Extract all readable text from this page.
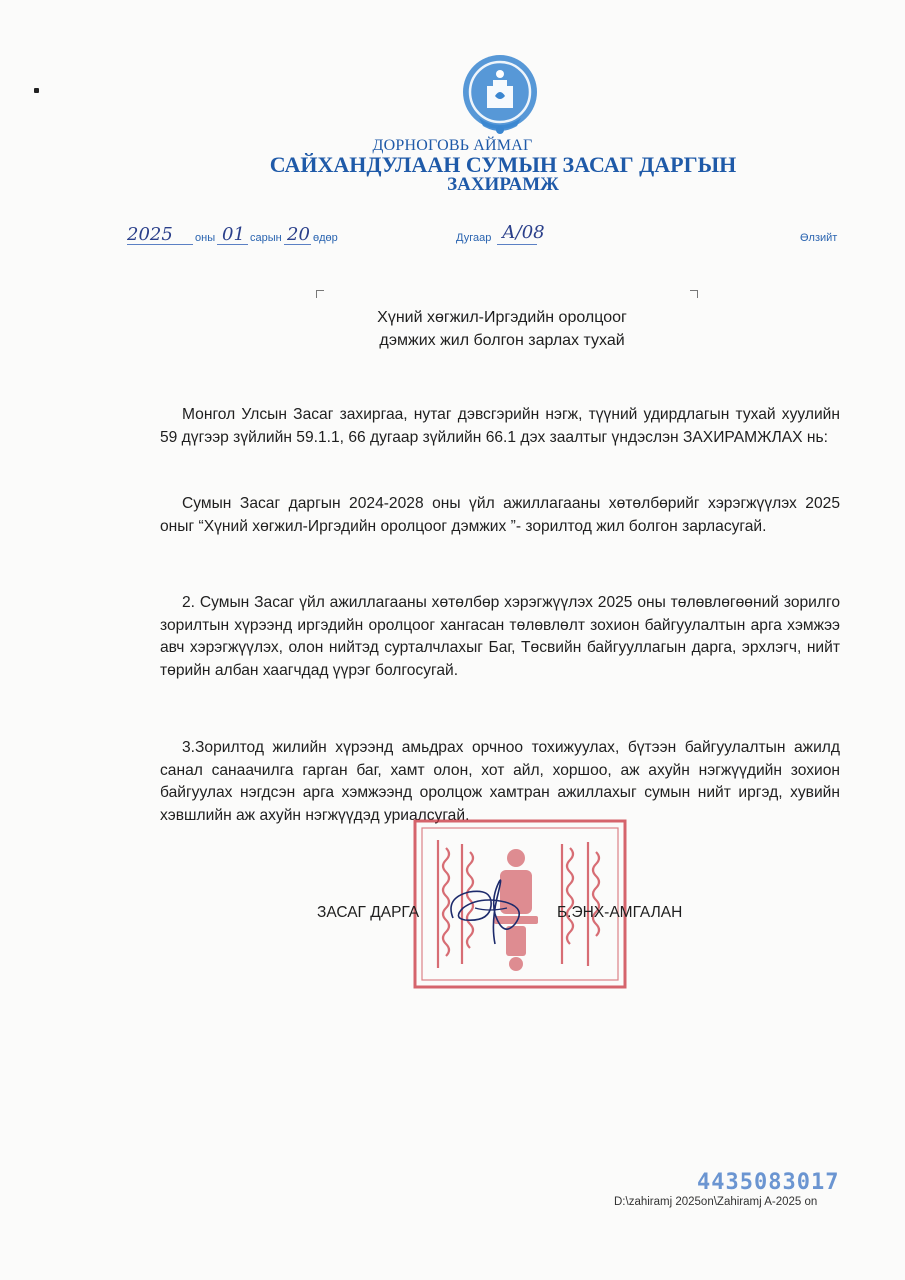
ДОРНОГОВЬ АЙМАГ
САЙХАНДУЛААН СУМЫН ЗАСАГ ДАРГЫН
ЗАХИРАМЖ
2025 оны 01 сарын 20 өдөр	Дугаар А/08	Өлзийт
Хүний хөгжил-Иргэдийн оролцоог
дэмжих жил болгон зарлах тухай

Монгол Улсын Засаг захиргаа, нутаг дэвсгэрийн нэгж, түүний удирдлагын тухай хуулийн 59 дүгээр зүйлийн 59.1.1, 66 дугаар зүйлийн 66.1 дэх заалтыг үндэслэн ЗАХИРАМЖЛАХ нь:

Сумын Засаг даргын 2024-2028 оны үйл ажиллагааны хөтөлбөрийг хэрэгжүүлэх 2025 оныг “Хүний хөгжил-Иргэдийн оролцоог дэмжих ”- зорилтод жил болгон зарласугай.

2. Сумын Засаг үйл ажиллагааны хөтөлбөр хэрэгжүүлэх 2025 оны төлөвлөгөөний зорилго зорилтын хүрээнд иргэдийн оролцоог хангасан төлөвлөлт зохион байгуулалтын арга хэмжээ авч хэрэгжүүлэх, олон нийтэд сурталчлахыг Баг, Төсвийн байгууллагын дарга, эрхлэгч, нийт төрийн албан хаагчдад үүрэг болгосугай.

3.Зорилтод жилийн хүрээнд амьдрах орчноо тохижуулах, бүтээн байгуулалтын ажилд санал санаачилга гарган баг, хамт олон, хот айл, хоршоо, аж ахуйн нэгжүүдийн зохион байгуулах нэгдсэн арга хэмжээнд оролцож хамтран ажиллахыг сумын нийт иргэд, хувийн хэвшлийн аж ахуйн нэгжүүдэд уриалсугай.

ЗАСАГ ДАРГА	Б.ЭНХ-АМГАЛАН
4435083017
D:\zahiramj 2025on\Zahiramj A-2025 on
